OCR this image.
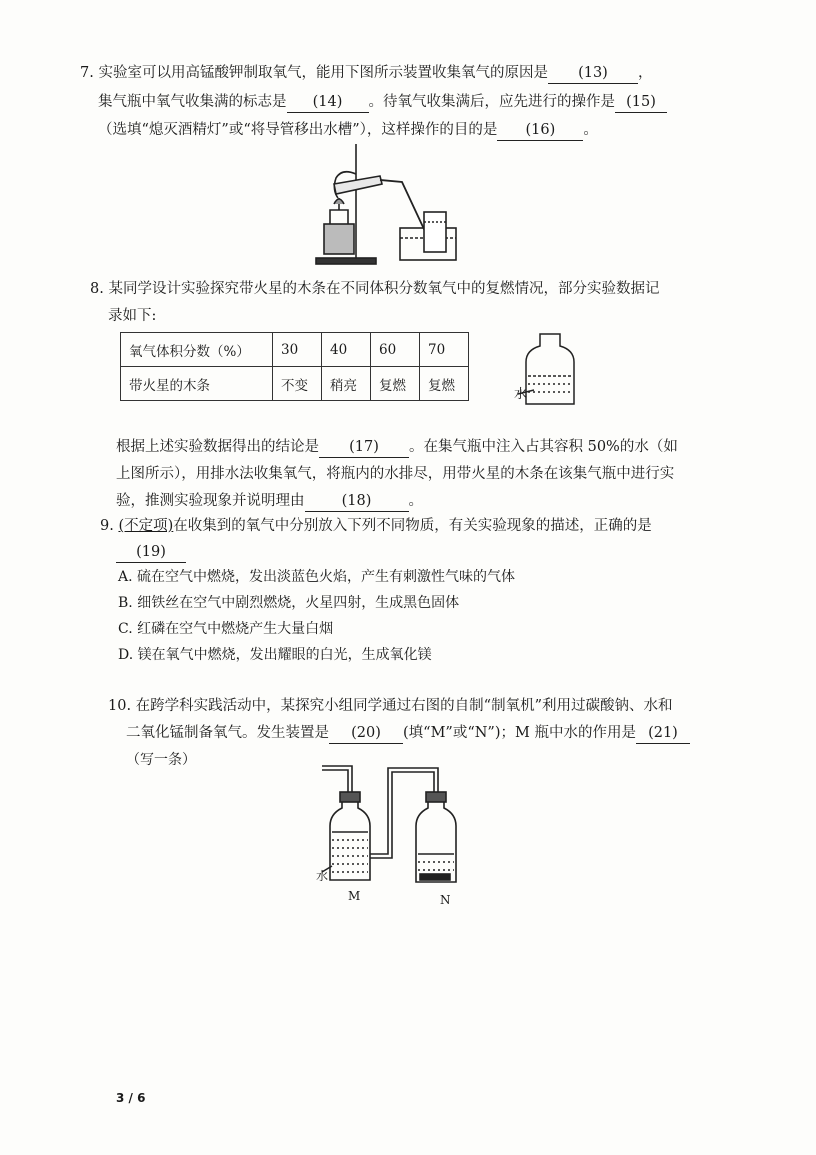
7. 实验室可以用高锰酸钾制取氧气，能用下图所示装置收集氧气的原因是 (13) ，
集气瓶中氧气收集满的标志是 (14) 。待氧气收集满后，应先进行的操作是 (15)
（选填“熄灭酒精灯”或“将导管移出水槽”），这样操作的目的是 (16) 。
8. 某同学设计实验探究带火星的木条在不同体积分数氧气中的复燃情况，部分实验数据记
录如下:
氧气体积分数（%）	30	40	60	70
带火星的木条	不变	稍亮	复燃	复燃
水
根据上述实验数据得出的结论是 (17) 。在集气瓶中注入占其容积 50%的水（如
上图所示），用排水法收集氧气，将瓶内的水排尽，用带火星的木条在该集气瓶中进行实
验，推测实验现象并说明理由	(18)	。
9. (不定项)在收集到的氧气中分别放入下列不同物质，有关实验现象的描述，正确的是
(19)
A. 硫在空气中燃烧，发出淡蓝色火焰，产生有刺激性气味的气体
B. 细铁丝在空气中剧烈燃烧，火星四射，生成黑色固体
C. 红磷在空气中燃烧产生大量白烟
D. 镁在氧气中燃烧，发出耀眼的白光，生成氧化镁
10. 在跨学科实践活动中，某探究小组同学通过右图的自制“制氧机”利用过碳酸钠、水和
二氧化锰制备氧气。发生装置是 (20) (填“M”或“N”)；M 瓶中水的作用是 (21)
（写一条）
水
M	N
3 / 6
